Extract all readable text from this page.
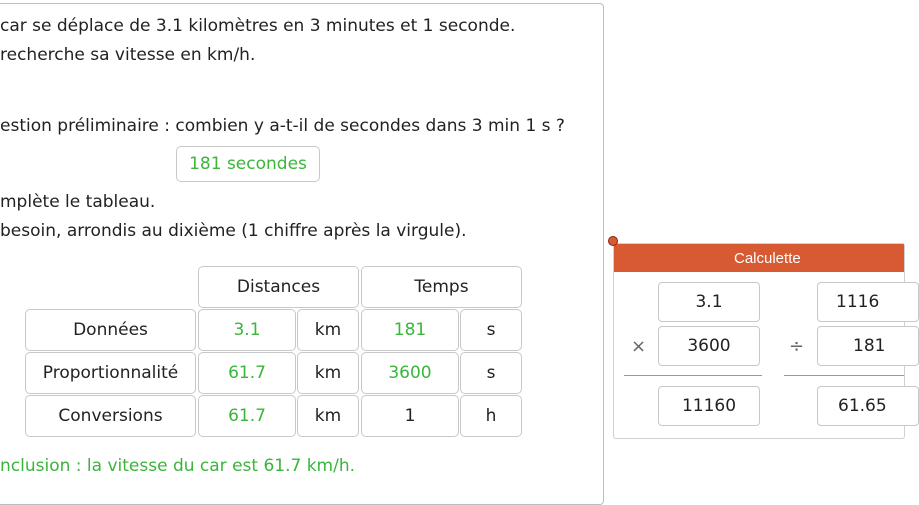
car se déplace de 3.1 kilomètres en 3 minutes et 1 seconde.
recherche sa vitesse en km/h.
estion préliminaire : combien y a-t-il de secondes dans 3 min 1 s ?
181 secondes
mplète le tableau.
besoin, arrondis au dixième (1 chiffre après la virgule).
Distances	Temps
Données	3.1	km	181	s
Proportionnalité	61.7	km	3600	s
Conversions	61.7	km	1	h
nclusion : la vitesse du car est 61.7 km/h.
Calculette
3.1
×	3600
11160
1116
÷	181
61.65
